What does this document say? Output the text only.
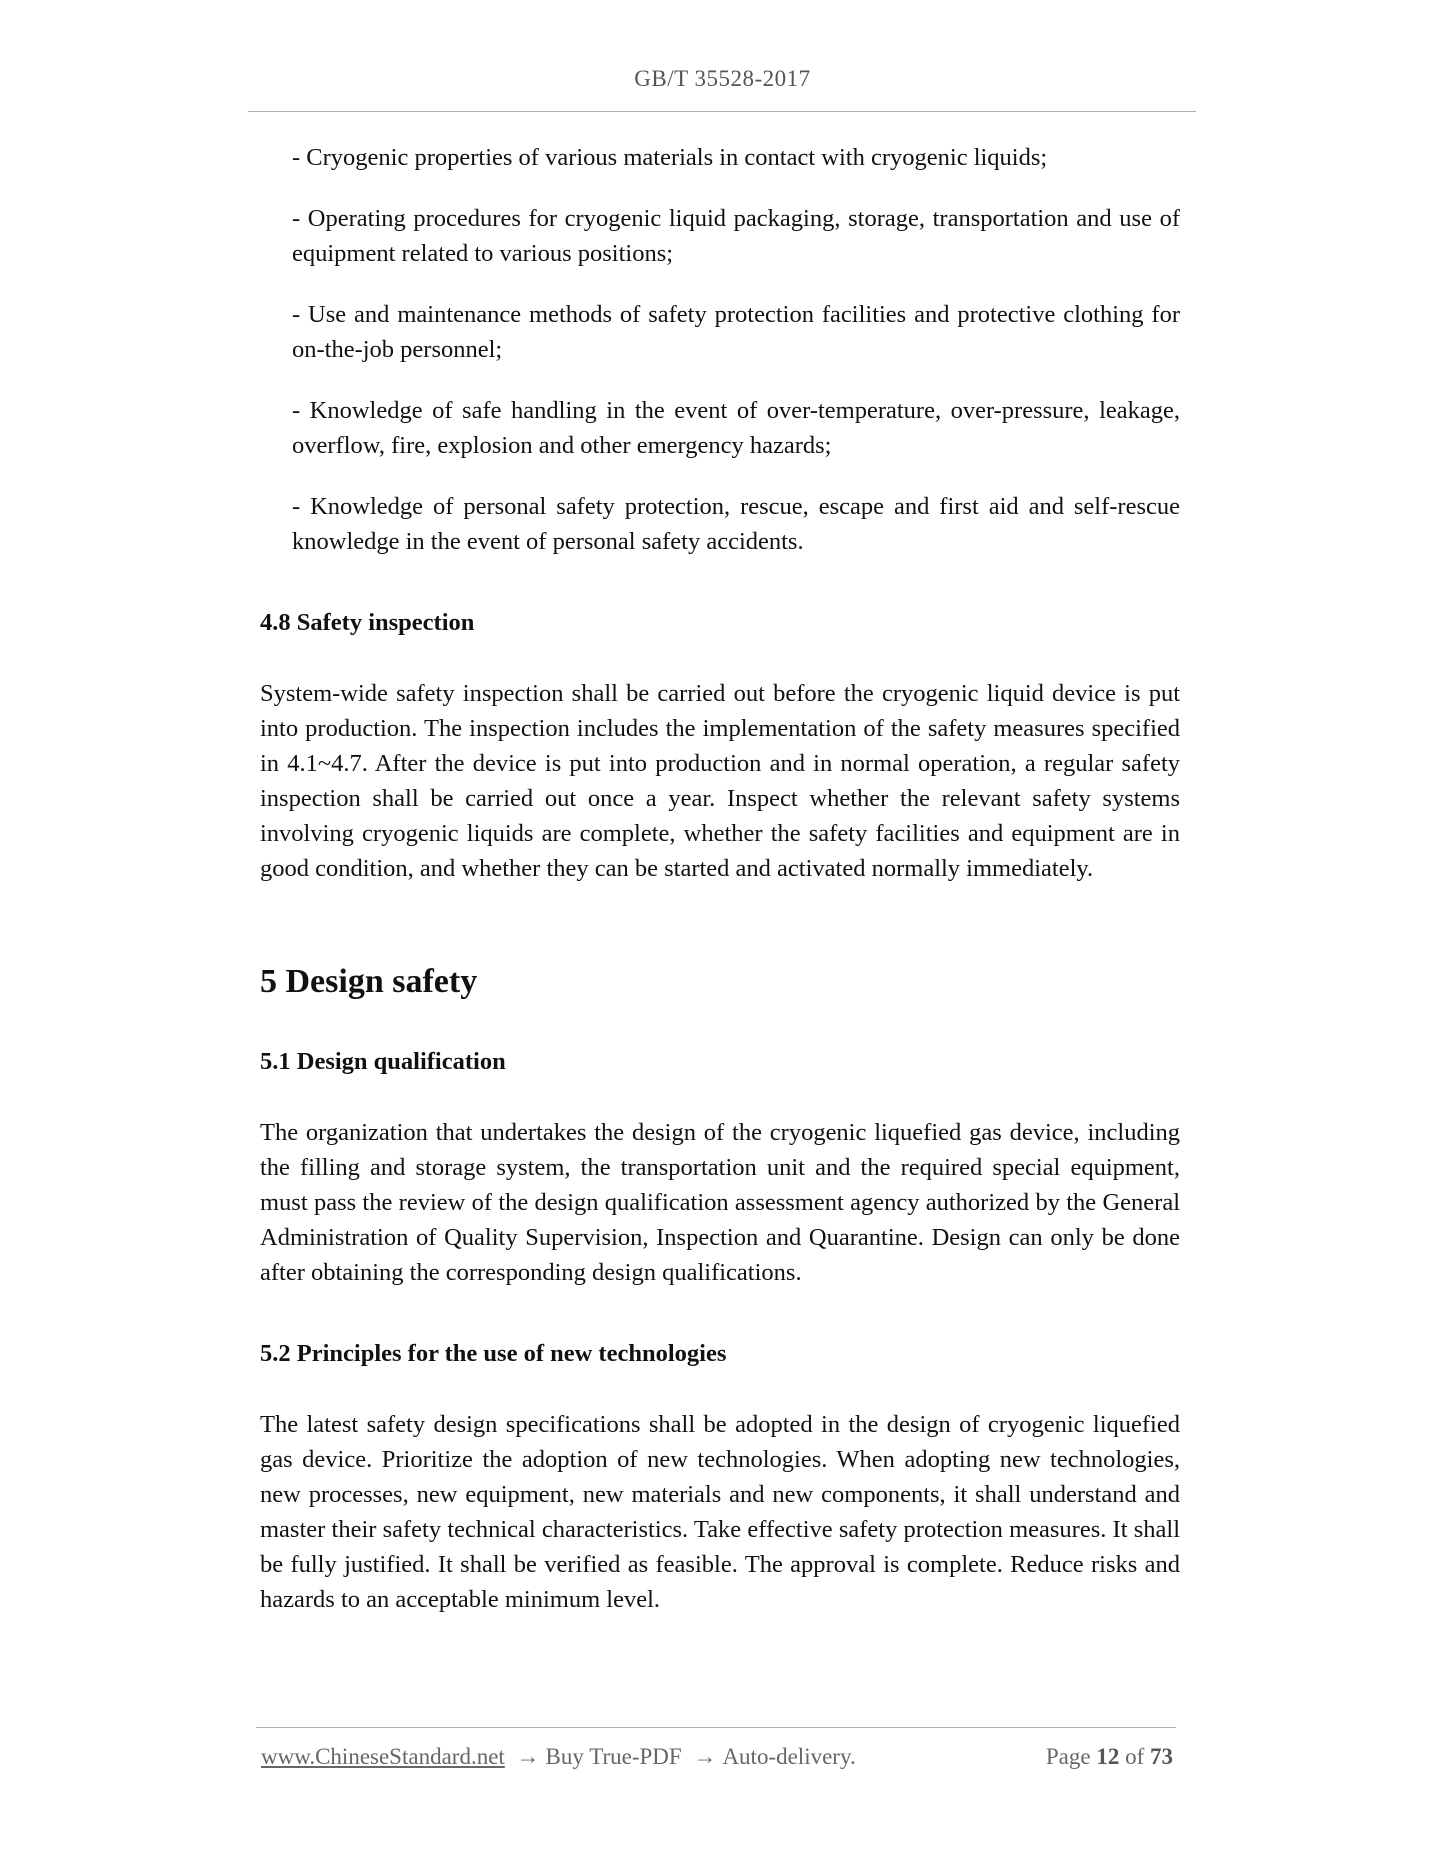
GB/T 35528-2017

- Cryogenic properties of various materials in contact with cryogenic liquids;

- Operating procedures for cryogenic liquid packaging, storage, transportation and use of equipment related to various positions;

- Use and maintenance methods of safety protection facilities and protective clothing for on-the-job personnel;

- Knowledge of safe handling in the event of over-temperature, over-pressure, leakage, overflow, fire, explosion and other emergency hazards;

- Knowledge of personal safety protection, rescue, escape and first aid and self-rescue knowledge in the event of personal safety accidents.

4.8 Safety inspection

System-wide safety inspection shall be carried out before the cryogenic liquid device is put into production. The inspection includes the implementation of the safety measures specified in 4.1~4.7. After the device is put into production and in normal operation, a regular safety inspection shall be carried out once a year. Inspect whether the relevant safety systems involving cryogenic liquids are complete, whether the safety facilities and equipment are in good condition, and whether they can be started and activated normally immediately.

5 Design safety
5.1 Design qualification

The organization that undertakes the design of the cryogenic liquefied gas device, including the filling and storage system, the transportation unit and the required special equipment, must pass the review of the design qualification assessment agency authorized by the General Administration of Quality Supervision, Inspection and Quarantine. Design can only be done after obtaining the corresponding design qualifications.

5.2 Principles for the use of new technologies

The latest safety design specifications shall be adopted in the design of cryogenic liquefied gas device. Prioritize the adoption of new technologies. When adopting new technologies, new processes, new equipment, new materials and new components, it shall understand and master their safety technical characteristics. Take effective safety protection measures. It shall be fully justified. It shall be verified as feasible. The approval is complete. Reduce risks and hazards to an acceptable minimum level.

www.ChineseStandard.net → Buy True-PDF → Auto-delivery.	Page 12 of 73
